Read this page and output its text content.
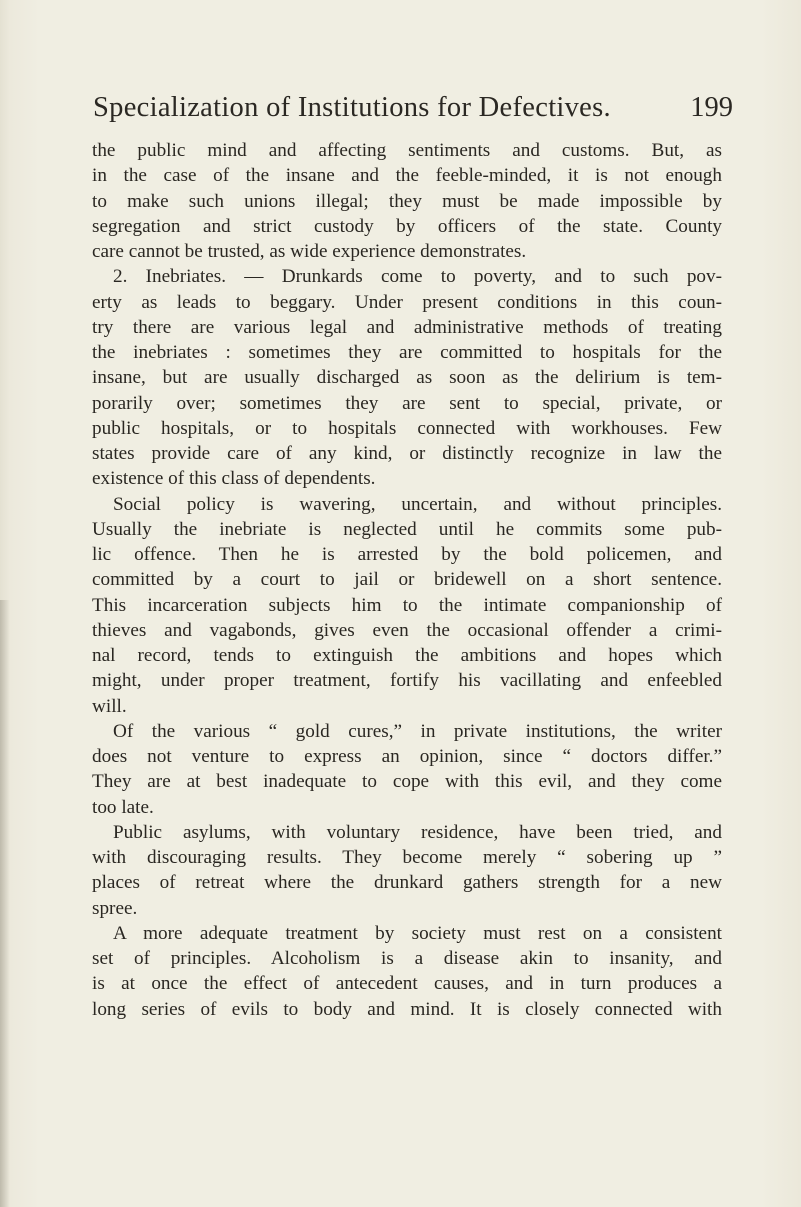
Specialization of Institutions for Defectives.	199
the public mind and affecting sentiments and customs. But, as
in the case of the insane and the feeble-minded, it is not enough
to make such unions illegal; they must be made impossible by
segregation and strict custody by officers of the state. County
care cannot be trusted, as wide experience demonstrates.
2. Inebriates. — Drunkards come to poverty, and to such pov-
erty as leads to beggary. Under present conditions in this coun-
try there are various legal and administrative methods of treating
the inebriates : sometimes they are committed to hospitals for the
insane, but are usually discharged as soon as the delirium is tem-
porarily over; sometimes they are sent to special, private, or
public hospitals, or to hospitals connected with workhouses. Few
states provide care of any kind, or distinctly recognize in law the
existence of this class of dependents.
Social policy is wavering, uncertain, and without principles.
Usually the inebriate is neglected until he commits some pub-
lic offence. Then he is arrested by the bold policemen, and
committed by a court to jail or bridewell on a short sentence.
This incarceration subjects him to the intimate companionship of
thieves and vagabonds, gives even the occasional offender a crimi-
nal record, tends to extinguish the ambitions and hopes which
might, under proper treatment, fortify his vacillating and enfeebled
will.
Of the various “ gold cures,” in private institutions, the writer
does not venture to express an opinion, since “ doctors differ.”
They are at best inadequate to cope with this evil, and they come
too late.
Public asylums, with voluntary residence, have been tried, and
with discouraging results. They become merely “ sobering up ”
places of retreat where the drunkard gathers strength for a new
spree.
A more adequate treatment by society must rest on a consistent
set of principles. Alcoholism is a disease akin to insanity, and
is at once the effect of antecedent causes, and in turn produces a
long series of evils to body and mind. It is closely connected with
